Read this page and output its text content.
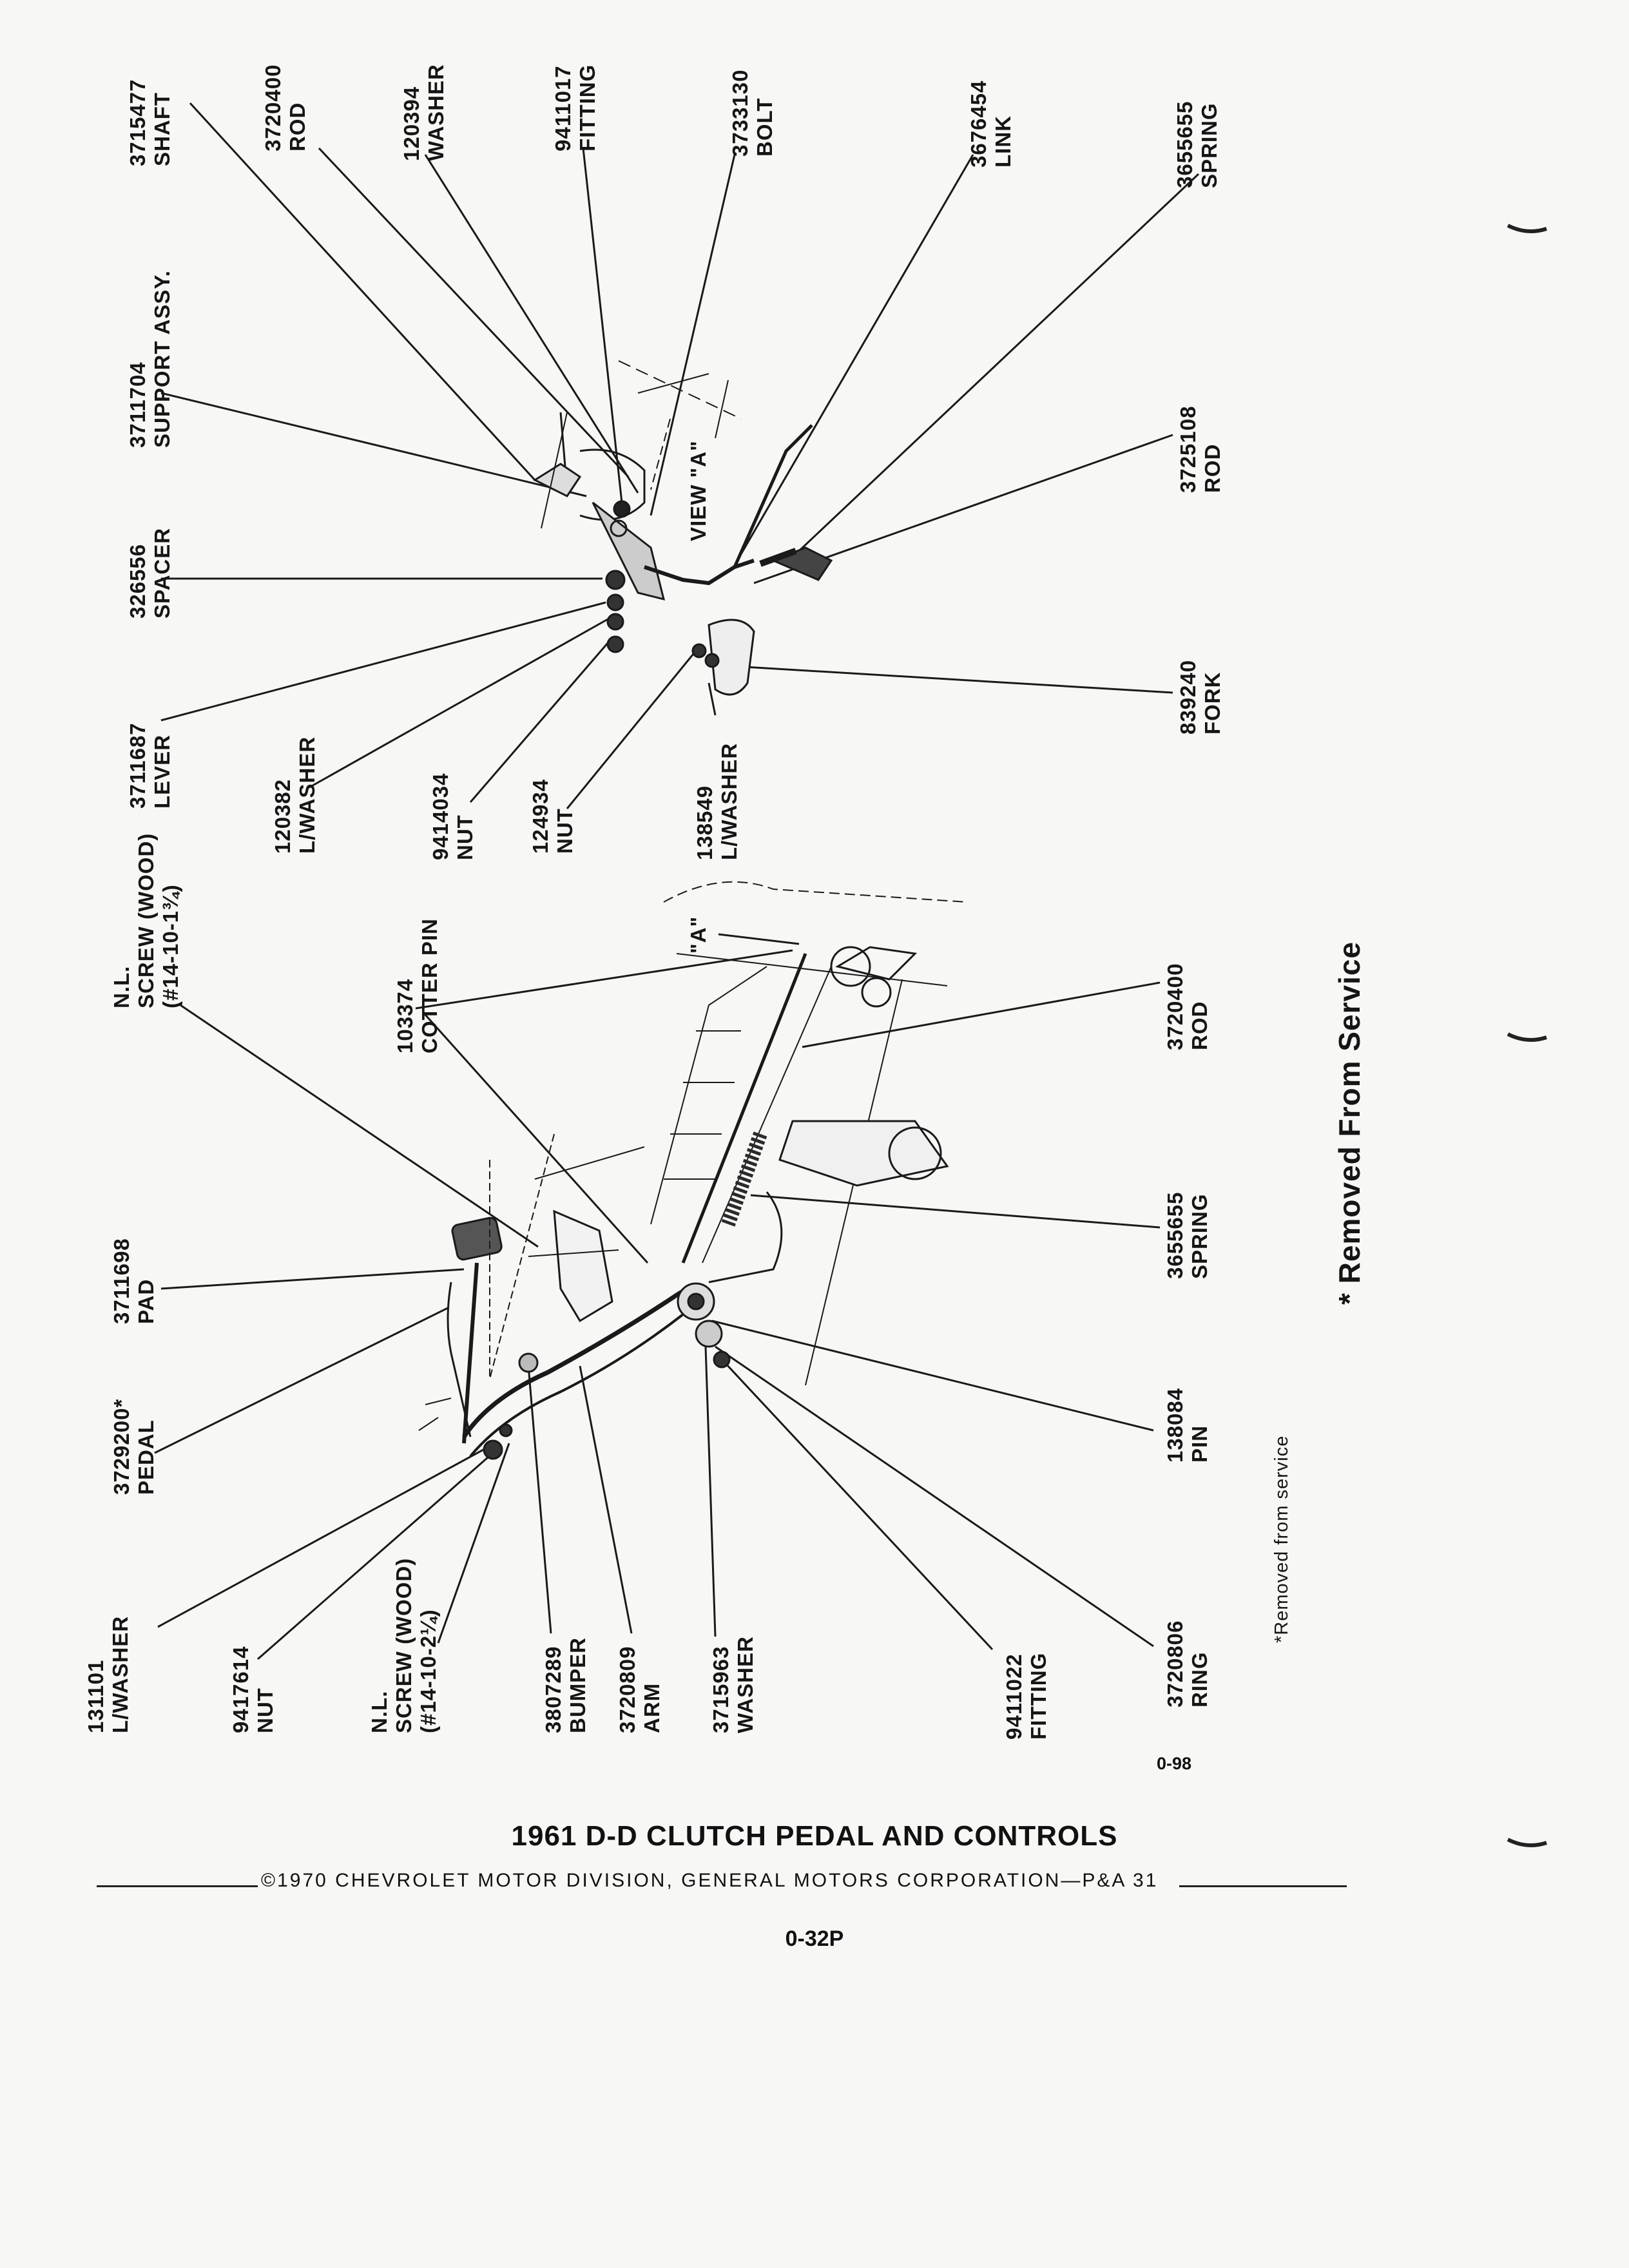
3715477 SHAFT	3720400 ROD	120394 WASHER	9411017 FITTING	3733130 BOLT	3676454 LINK	3655655 SPRING
3711704 SUPPORT ASSY.
326556 SPACER
3711687 LEVER
120382 L/WASHER	9414034 NUT 124934 NUT	138549 L/WASHER
3725108 ROD
839240 FORK
VIEW "A"
"A"
N.L. SCREW (WOOD) (#14-10-1¾)
103374 COTTER PIN
3711698 PAD
3729200* PEDAL
3720400 ROD
3655655 SPRING
138084 PIN
3720806 RING
9411022 FITTING
3715963 WASHER
3720809 ARM
3807289 BUMPER
N.L. SCREW (WOOD) (#14-10-2¼)
9417614 NUT
131101 L/WASHER
* Removed From Service
*Removed from service
0-98
1961 D-D CLUTCH PEDAL AND CONTROLS
©1970 CHEVROLET MOTOR DIVISION, GENERAL MOTORS CORPORATION—P&A 31
0-32P
